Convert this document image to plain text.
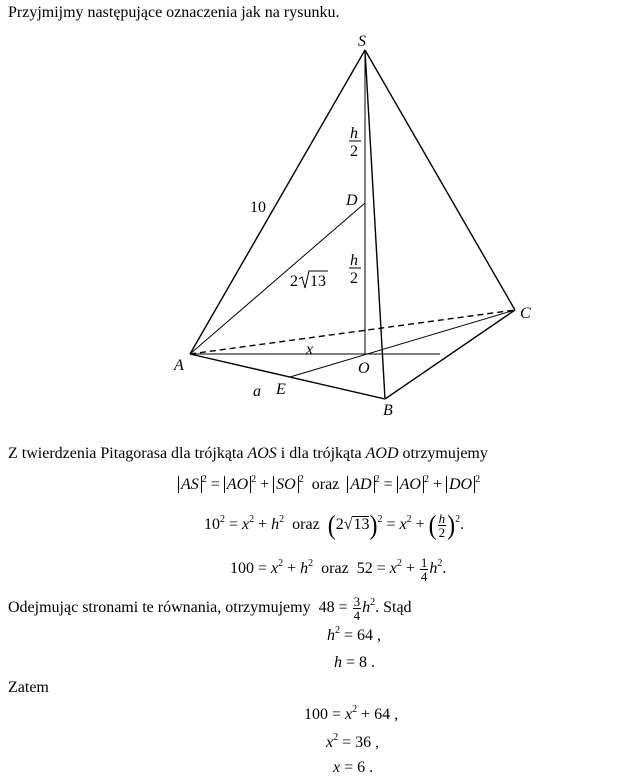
Przyjmijmy następujące oznaczenia jak na rysunku.
S
D
A
B
C
O
E
x
a
h
h
10
2
2
2 13
Z twierdzenia Pitagorasa dla trójkąta AOS i dla trójkąta AOD otrzymujemy
AS $^2$ = AO $^2$ + SO $^2$ oraz AD $^2$ = AO $^2$ + DO $^2$
$10^2 = x^2 + h^2$ oraz $(2√13)^2 = x^2$ + ( $\frac{h}{2} )^2$.
$100 = x^2 + h^2$ oraz $52 = x^2 + \frac{1}{4} h^2$.
Odejmując stronami te równania, otrzymujemy $48 = \frac{3}{4} h^2$. Stąd
$h^2 = 64$ ,
h = 8 .
Zatem
$100 = x^2 + 64$ ,
$x^2 = 36$ ,
x = 6 .
